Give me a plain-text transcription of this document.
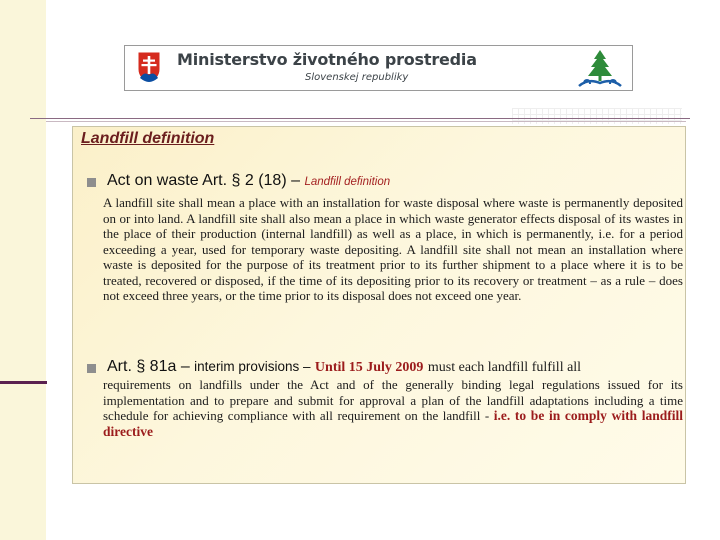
Ministerstvo životného prostredia
Slovenskej republiky
Landfill definition
Act on waste Art. § 2 (18) – Landfill definition
A landfill site shall mean a place with an installation for waste disposal where waste is permanently deposited on or into land. A landfill site shall also mean a place in which waste generator effects disposal of its wastes in the place of their production (internal landfill) as well as a place, in which is permanently, i.e. for a period exceeding a year, used for temporary waste depositing. A landfill site shall not mean an installation where waste is deposited for the purpose of its treatment prior to its further shipment to a place where it is to be treated, recovered or disposed, if the time of its depositing prior to its recovery or treatment – as a rule – does not exceed three years, or the time prior to its disposal does not exceed one year.
Art. § 81a – interim provisions – Until 15 July 2009 must each landfill fulfill all
requirements on landfills under the Act and of the generally binding legal regulations issued for its implementation and to prepare and submit for approval a plan of the landfill adaptations including a time schedule for achieving compliance with all requirement on the landfill - i.e. to be in comply with landfill directive
